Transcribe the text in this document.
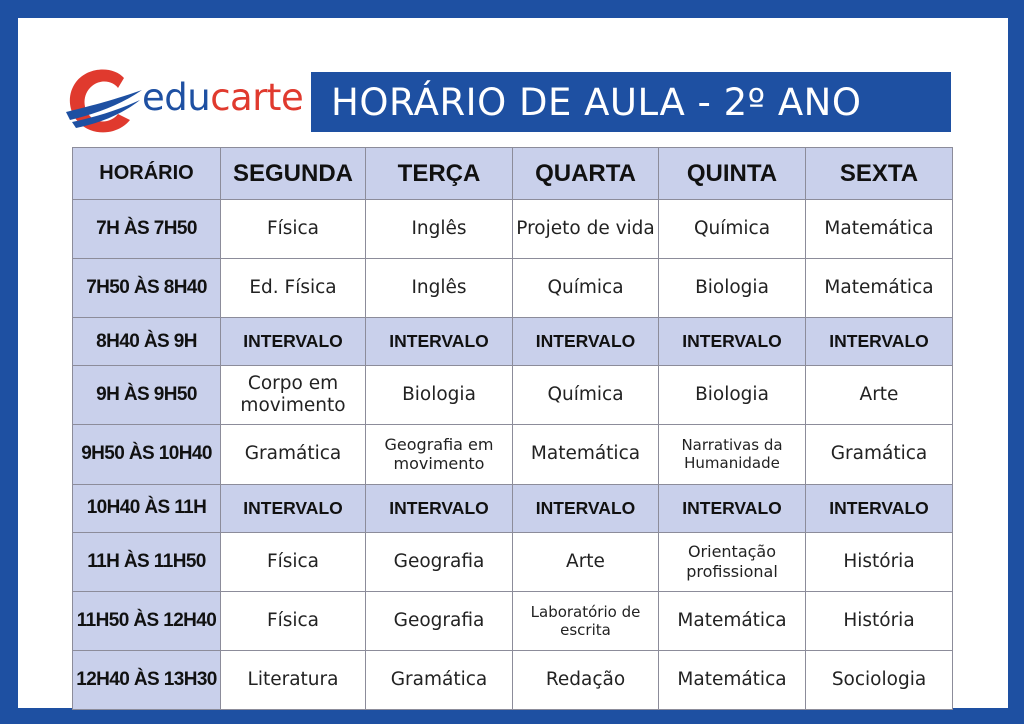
educarte HORÁRIO DE AULA - 2º ANO
HORÁRIO	SEGUNDA	TERÇA	QUARTA	QUINTA	SEXTA
7H ÀS 7H50	Física	Inglês	Projeto de vida	Química	Matemática
7H50 ÀS 8H40	Ed. Física	Inglês	Química	Biologia	Matemática
8H40 ÀS 9H	INTERVALO	INTERVALO	INTERVALO	INTERVALO	INTERVALO
9H ÀS 9H50	Corpo em movimento	Biologia	Química	Biologia	Arte
9H50 ÀS 10H40	Gramática	Geografia em movimento	Matemática	Narrativas da Humanidade	Gramática
10H40 ÀS 11H	INTERVALO	INTERVALO	INTERVALO	INTERVALO	INTERVALO
11H ÀS 11H50	Física	Geografia	Arte	Orientação profissional	História
11H50 ÀS 12H40	Física	Geografia	Laboratório de escrita	Matemática	História
12H40 ÀS 13H30	Literatura	Gramática	Redação	Matemática	Sociologia
